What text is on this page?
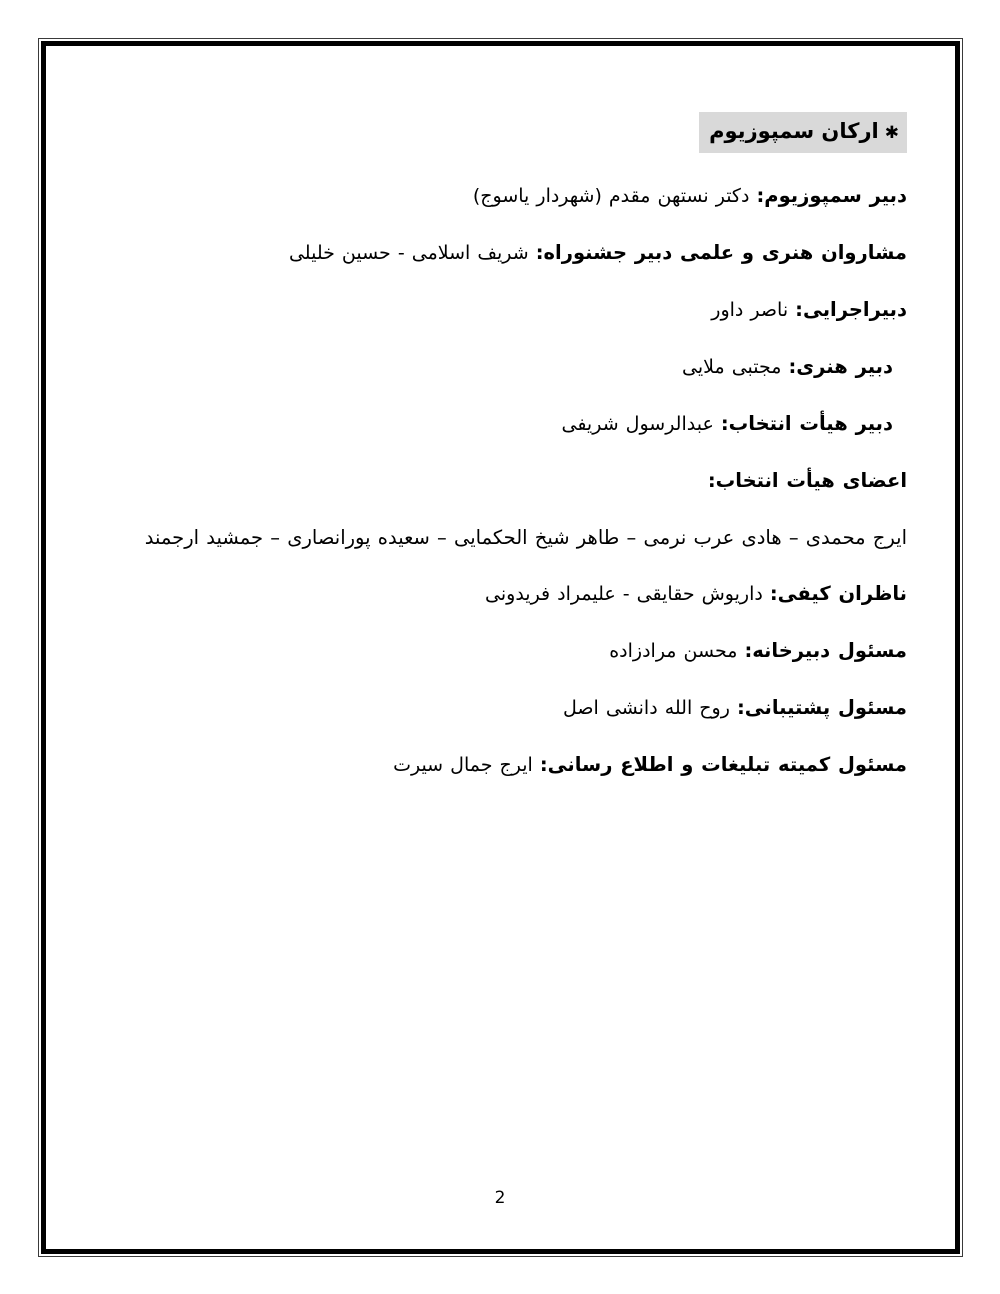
✱ارکان سمپوزیوم

دبیر سمپوزیوم: دکتر نستهن مقدم (شهردار یاسوج)

مشاروان هنری و علمی دبیر جشنوراه: شریف اسلامی - حسین خلیلی

دبیراجرایی: ناصر داور

دبیر هنری: مجتبی ملایی

دبیر هیأت انتخاب: عبدالرسول شریفی

اعضای هیأت انتخاب:

ایرج محمدی – هادی عرب نرمی – طاهر شیخ الحکمایی – سعیده پورانصاری – جمشید ارجمند

ناظران کیفی: داریوش حقایقی - علیمراد فریدونی

مسئول دبیرخانه: محسن مرادزاده

مسئول پشتیبانی: روح الله دانشی اصل

مسئول کمیته تبلیغات و اطلاع رسانی: ایرج جمال سیرت

2
